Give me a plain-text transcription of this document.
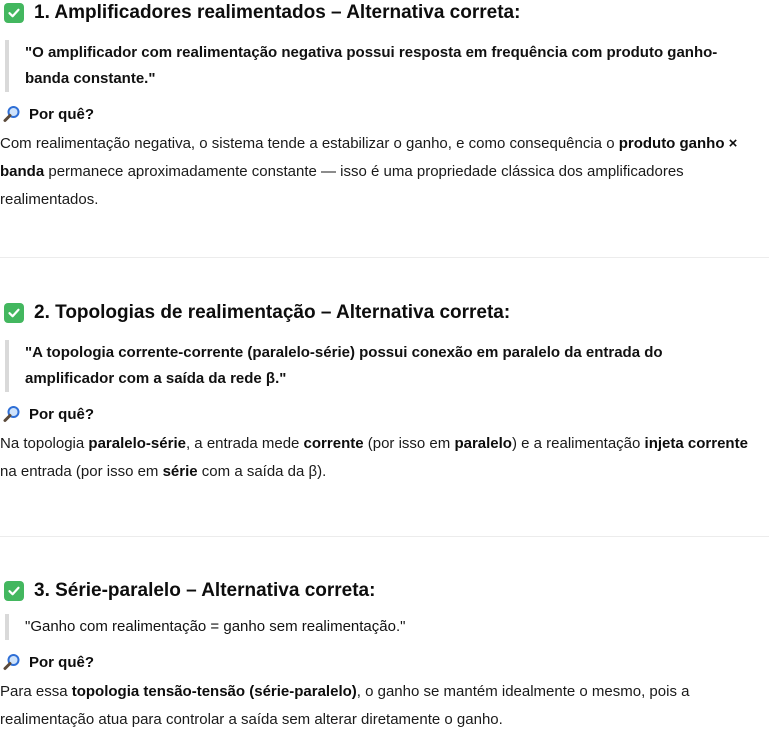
1. Amplificadores realimentados – Alternativa correta:
"O amplificador com realimentação negativa possui resposta em frequência com produto ganho-
banda constante."
Por quê?

Com realimentação negativa, o sistema tende a estabilizar o ganho, e como consequência o produto ganho × banda permanece aproximadamente constante — isso é uma propriedade clássica dos amplificadores realimentados.

2. Topologias de realimentação – Alternativa correta:
"A topologia corrente-corrente (paralelo-série) possui conexão em paralelo da entrada do
amplificador com a saída da rede β."
Por quê?

Na topologia paralelo-série, a entrada mede corrente (por isso em paralelo) e a realimentação injeta corrente na entrada (por isso em série com a saída da β).

3. Série-paralelo – Alternativa correta:
"Ganho com realimentação = ganho sem realimentação."
Por quê?

Para essa topologia tensão-tensão (série-paralelo), o ganho se mantém idealmente o mesmo, pois a realimentação atua para controlar a saída sem alterar diretamente o ganho.
